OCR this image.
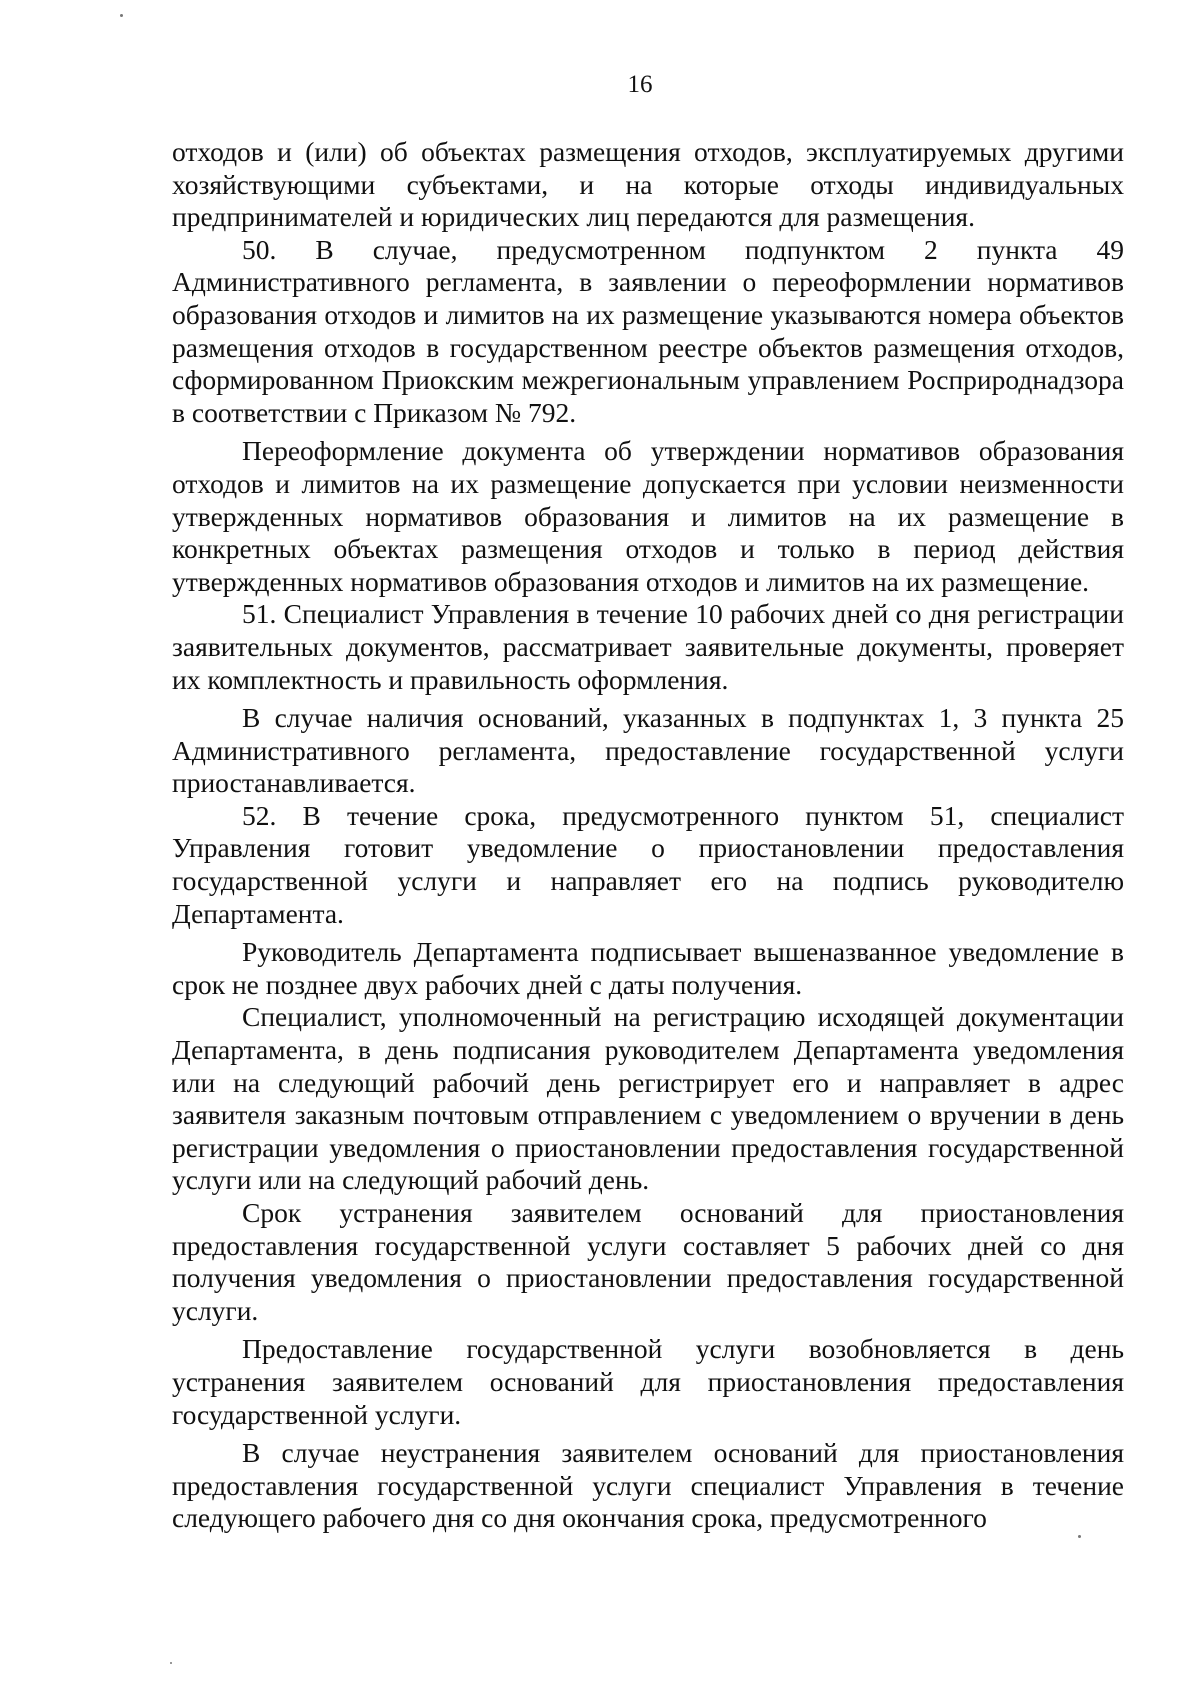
16

отходов и (или) об объектах размещения отходов, эксплуатируемых другими хозяйствующими субъектами, и на которые отходы индивидуальных предпринимателей и юридических лиц передаются для размещения.

50. В случае, предусмотренном подпунктом 2 пункта 49 Административного регламента, в заявлении о переоформлении нормативов образования отходов и лимитов на их размещение указываются номера объектов размещения отходов в государственном реестре объектов размещения отходов, сформированном Приокским межрегиональным управлением Росприроднадзора в соответствии с Приказом № 792.

Переоформление документа об утверждении нормативов образования отходов и лимитов на их размещение допускается при условии неизменности утвержденных нормативов образования и лимитов на их размещение в конкретных объектах размещения отходов и только в период действия утвержденных нормативов образования отходов и лимитов на их размещение.

51. Специалист Управления в течение 10 рабочих дней со дня регистрации заявительных документов, рассматривает заявительные документы, проверяет их комплектность и правильность оформления.

В случае наличия оснований, указанных в подпунктах 1, 3 пункта 25 Административного регламента, предоставление государственной услуги приостанавливается.

52. В течение срока, предусмотренного пунктом 51, специалист Управления готовит уведомление о приостановлении предоставления государственной услуги и направляет его на подпись руководителю Департамента.

Руководитель Департамента подписывает вышеназванное уведомление в срок не позднее двух рабочих дней с даты получения.

Специалист, уполномоченный на регистрацию исходящей документации Департамента, в день подписания руководителем Департамента уведомления или на следующий рабочий день регистрирует его и направляет в адрес заявителя заказным почтовым отправлением с уведомлением о вручении в день регистрации уведомления о приостановлении предоставления государственной услуги или на следующий рабочий день.

Срок устранения заявителем оснований для приостановления предоставления государственной услуги составляет 5 рабочих дней со дня получения уведомления о приостановлении предоставления государственной услуги.

Предоставление государственной услуги возобновляется в день устранения заявителем оснований для приостановления предоставления государственной услуги.

В случае неустранения заявителем оснований для приостановления предоставления государственной услуги специалист Управления в течение следующего рабочего дня со дня окончания срока, предусмотренного
